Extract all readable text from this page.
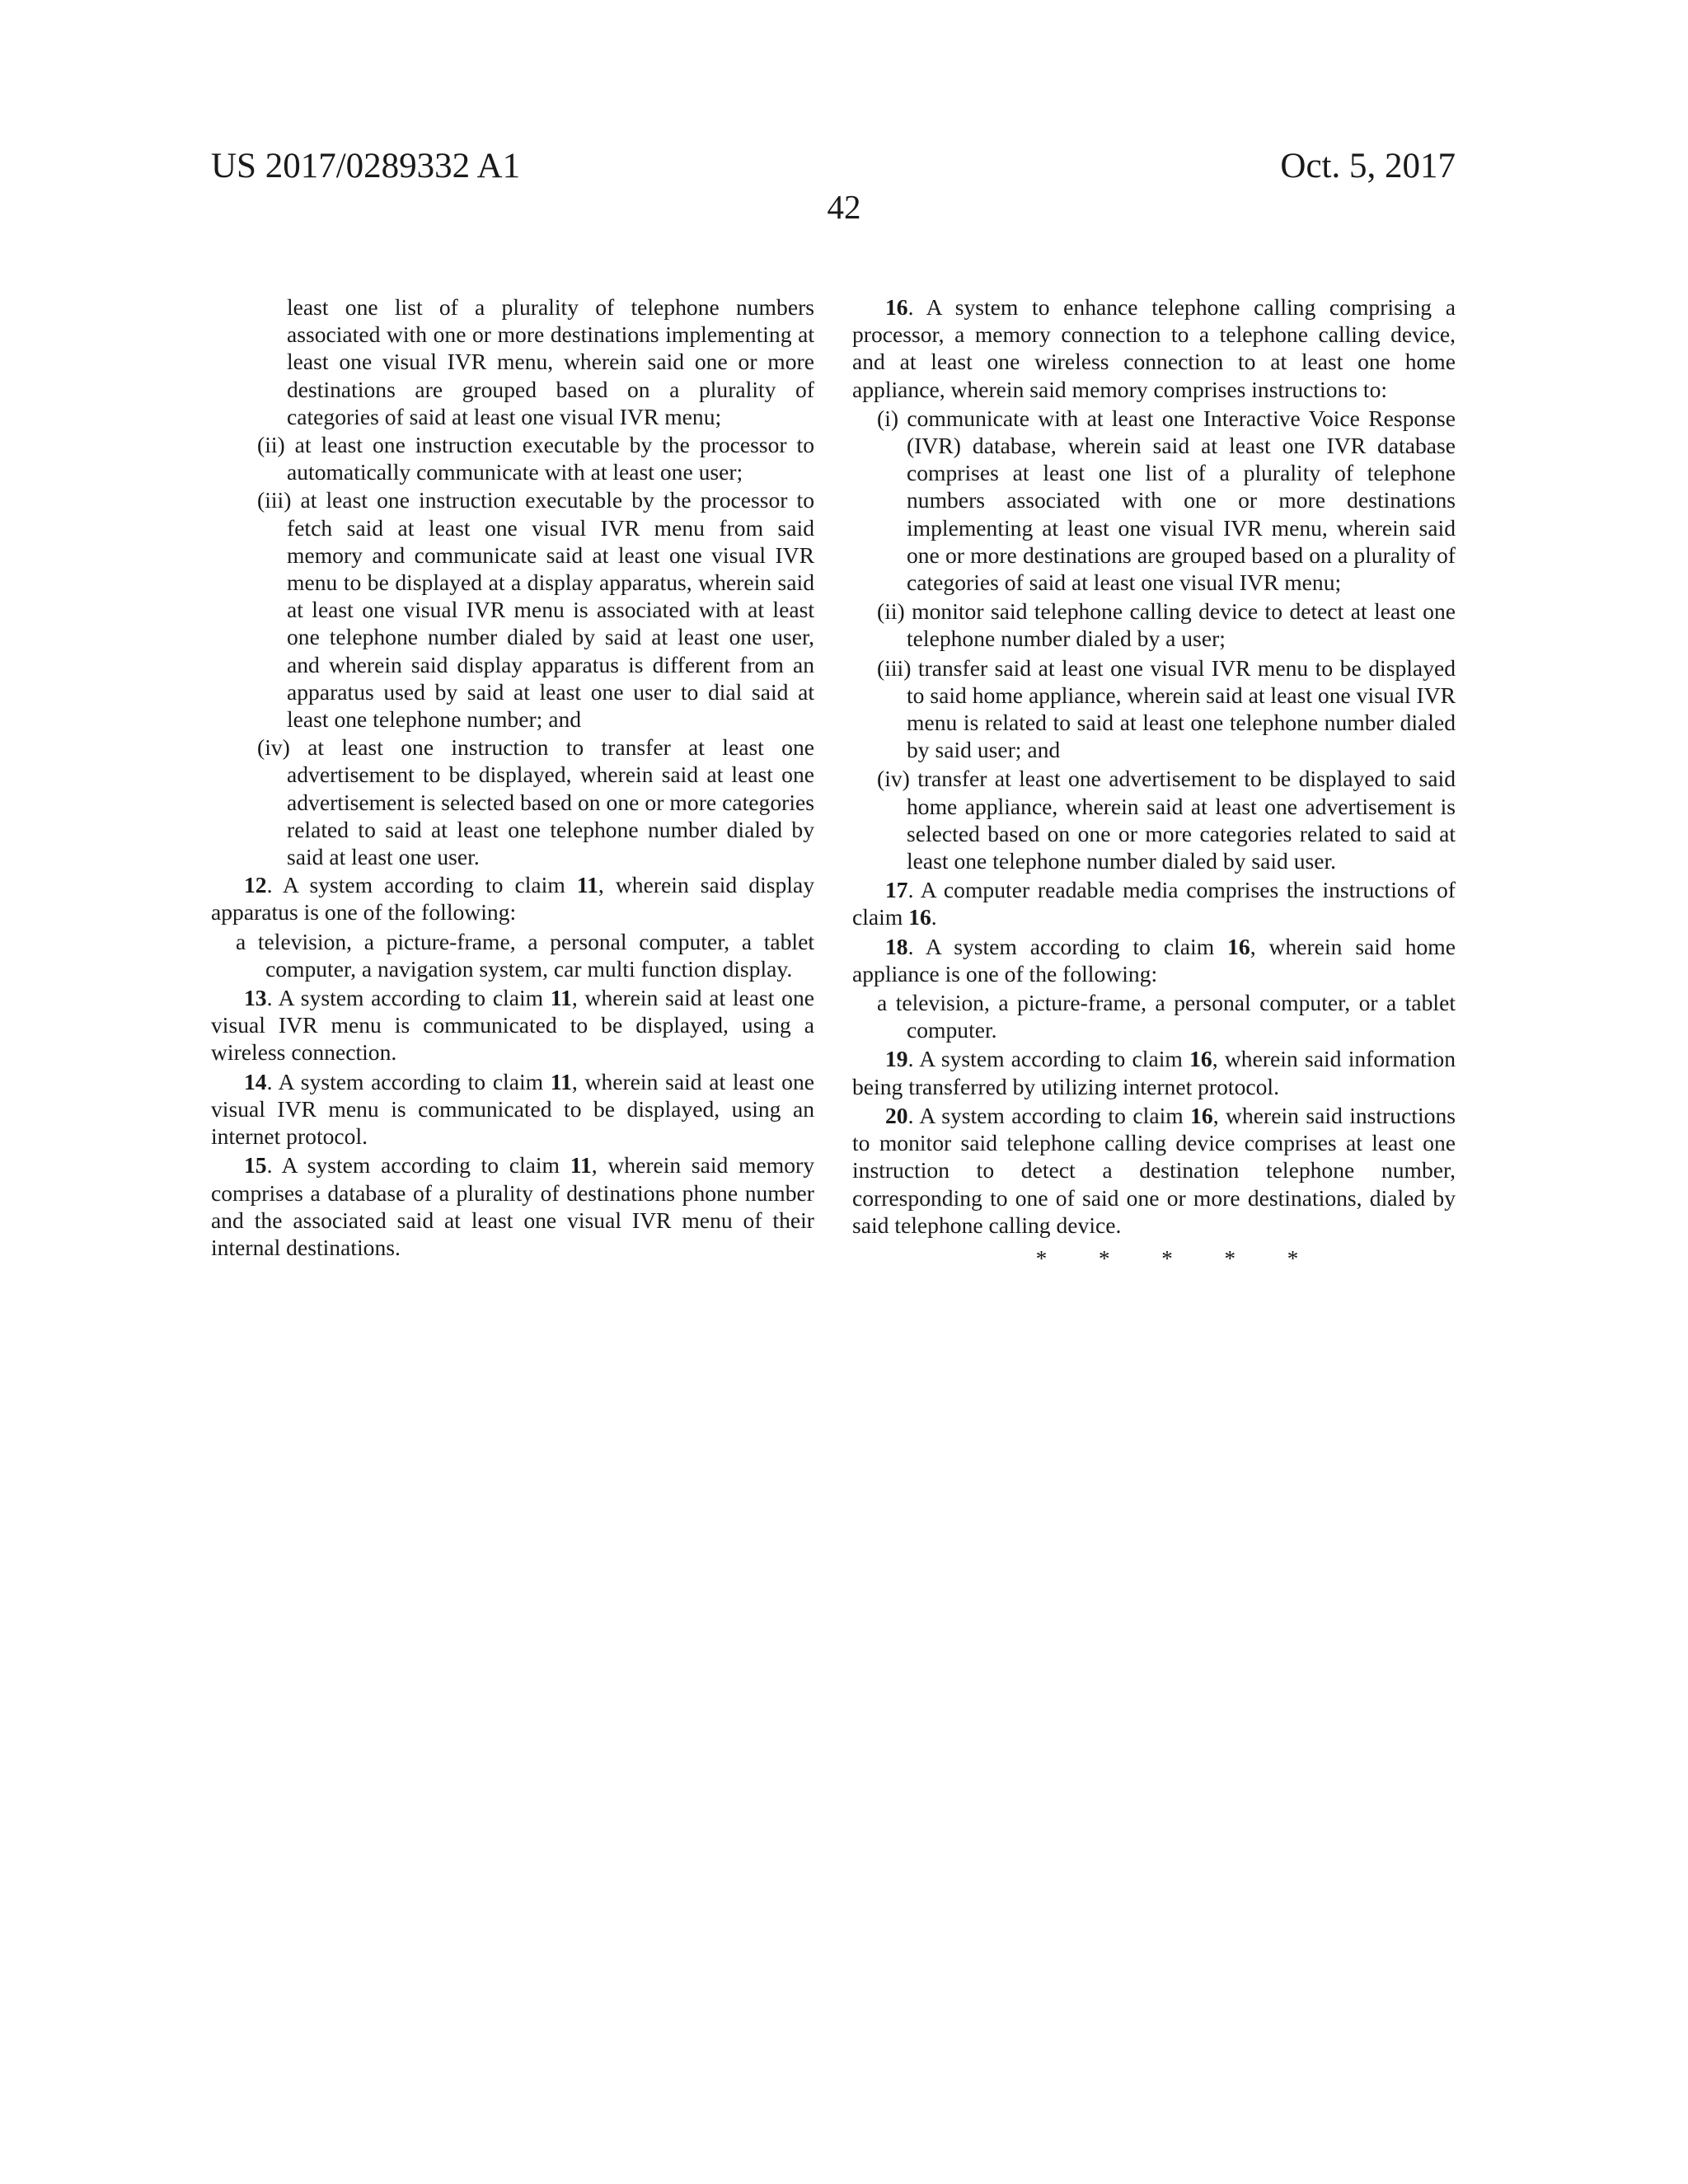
US 2017/0289332 A1	Oct. 5, 2017
42

least one list of a plurality of telephone numbers associated with one or more destinations implementing at least one visual IVR menu, wherein said one or more destinations are grouped based on a plurality of categories of said at least one visual IVR menu;

(ii) at least one instruction executable by the processor to automatically communicate with at least one user;

(iii) at least one instruction executable by the processor to fetch said at least one visual IVR menu from said memory and communicate said at least one visual IVR menu to be displayed at a display apparatus, wherein said at least one visual IVR menu is associated with at least one telephone number dialed by said at least one user, and wherein said display apparatus is different from an apparatus used by said at least one user to dial said at least one telephone number; and

(iv) at least one instruction to transfer at least one advertisement to be displayed, wherein said at least one advertisement is selected based on one or more categories related to said at least one telephone number dialed by said at least one user.

12. A system according to claim 11, wherein said display apparatus is one of the following:

a television, a picture-frame, a personal computer, a tablet computer, a navigation system, car multi function display.

13. A system according to claim 11, wherein said at least one visual IVR menu is communicated to be displayed, using a wireless connection.

14. A system according to claim 11, wherein said at least one visual IVR menu is communicated to be displayed, using an internet protocol.

15. A system according to claim 11, wherein said memory comprises a database of a plurality of destinations phone number and the associated said at least one visual IVR menu of their internal destinations.

16. A system to enhance telephone calling comprising a processor, a memory connection to a telephone calling device, and at least one wireless connection to at least one home appliance, wherein said memory comprises instructions to:

(i) communicate with at least one Interactive Voice Response (IVR) database, wherein said at least one IVR database comprises at least one list of a plurality of telephone numbers associated with one or more destinations implementing at least one visual IVR menu, wherein said one or more destinations are grouped based on a plurality of categories of said at least one visual IVR menu;

(ii) monitor said telephone calling device to detect at least one telephone number dialed by a user;

(iii) transfer said at least one visual IVR menu to be displayed to said home appliance, wherein said at least one visual IVR menu is related to said at least one telephone number dialed by said user; and

(iv) transfer at least one advertisement to be displayed to said home appliance, wherein said at least one advertisement is selected based on one or more categories related to said at least one telephone number dialed by said user.

17. A computer readable media comprises the instructions of claim 16.

18. A system according to claim 16, wherein said home appliance is one of the following:

a television, a picture-frame, a personal computer, or a tablet computer.

19. A system according to claim 16, wherein said information being transferred by utilizing internet protocol.

20. A system according to claim 16, wherein said instructions to monitor said telephone calling device comprises at least one instruction to detect a destination telephone number, corresponding to one of said one or more destinations, dialed by said telephone calling device.

* * * * *
